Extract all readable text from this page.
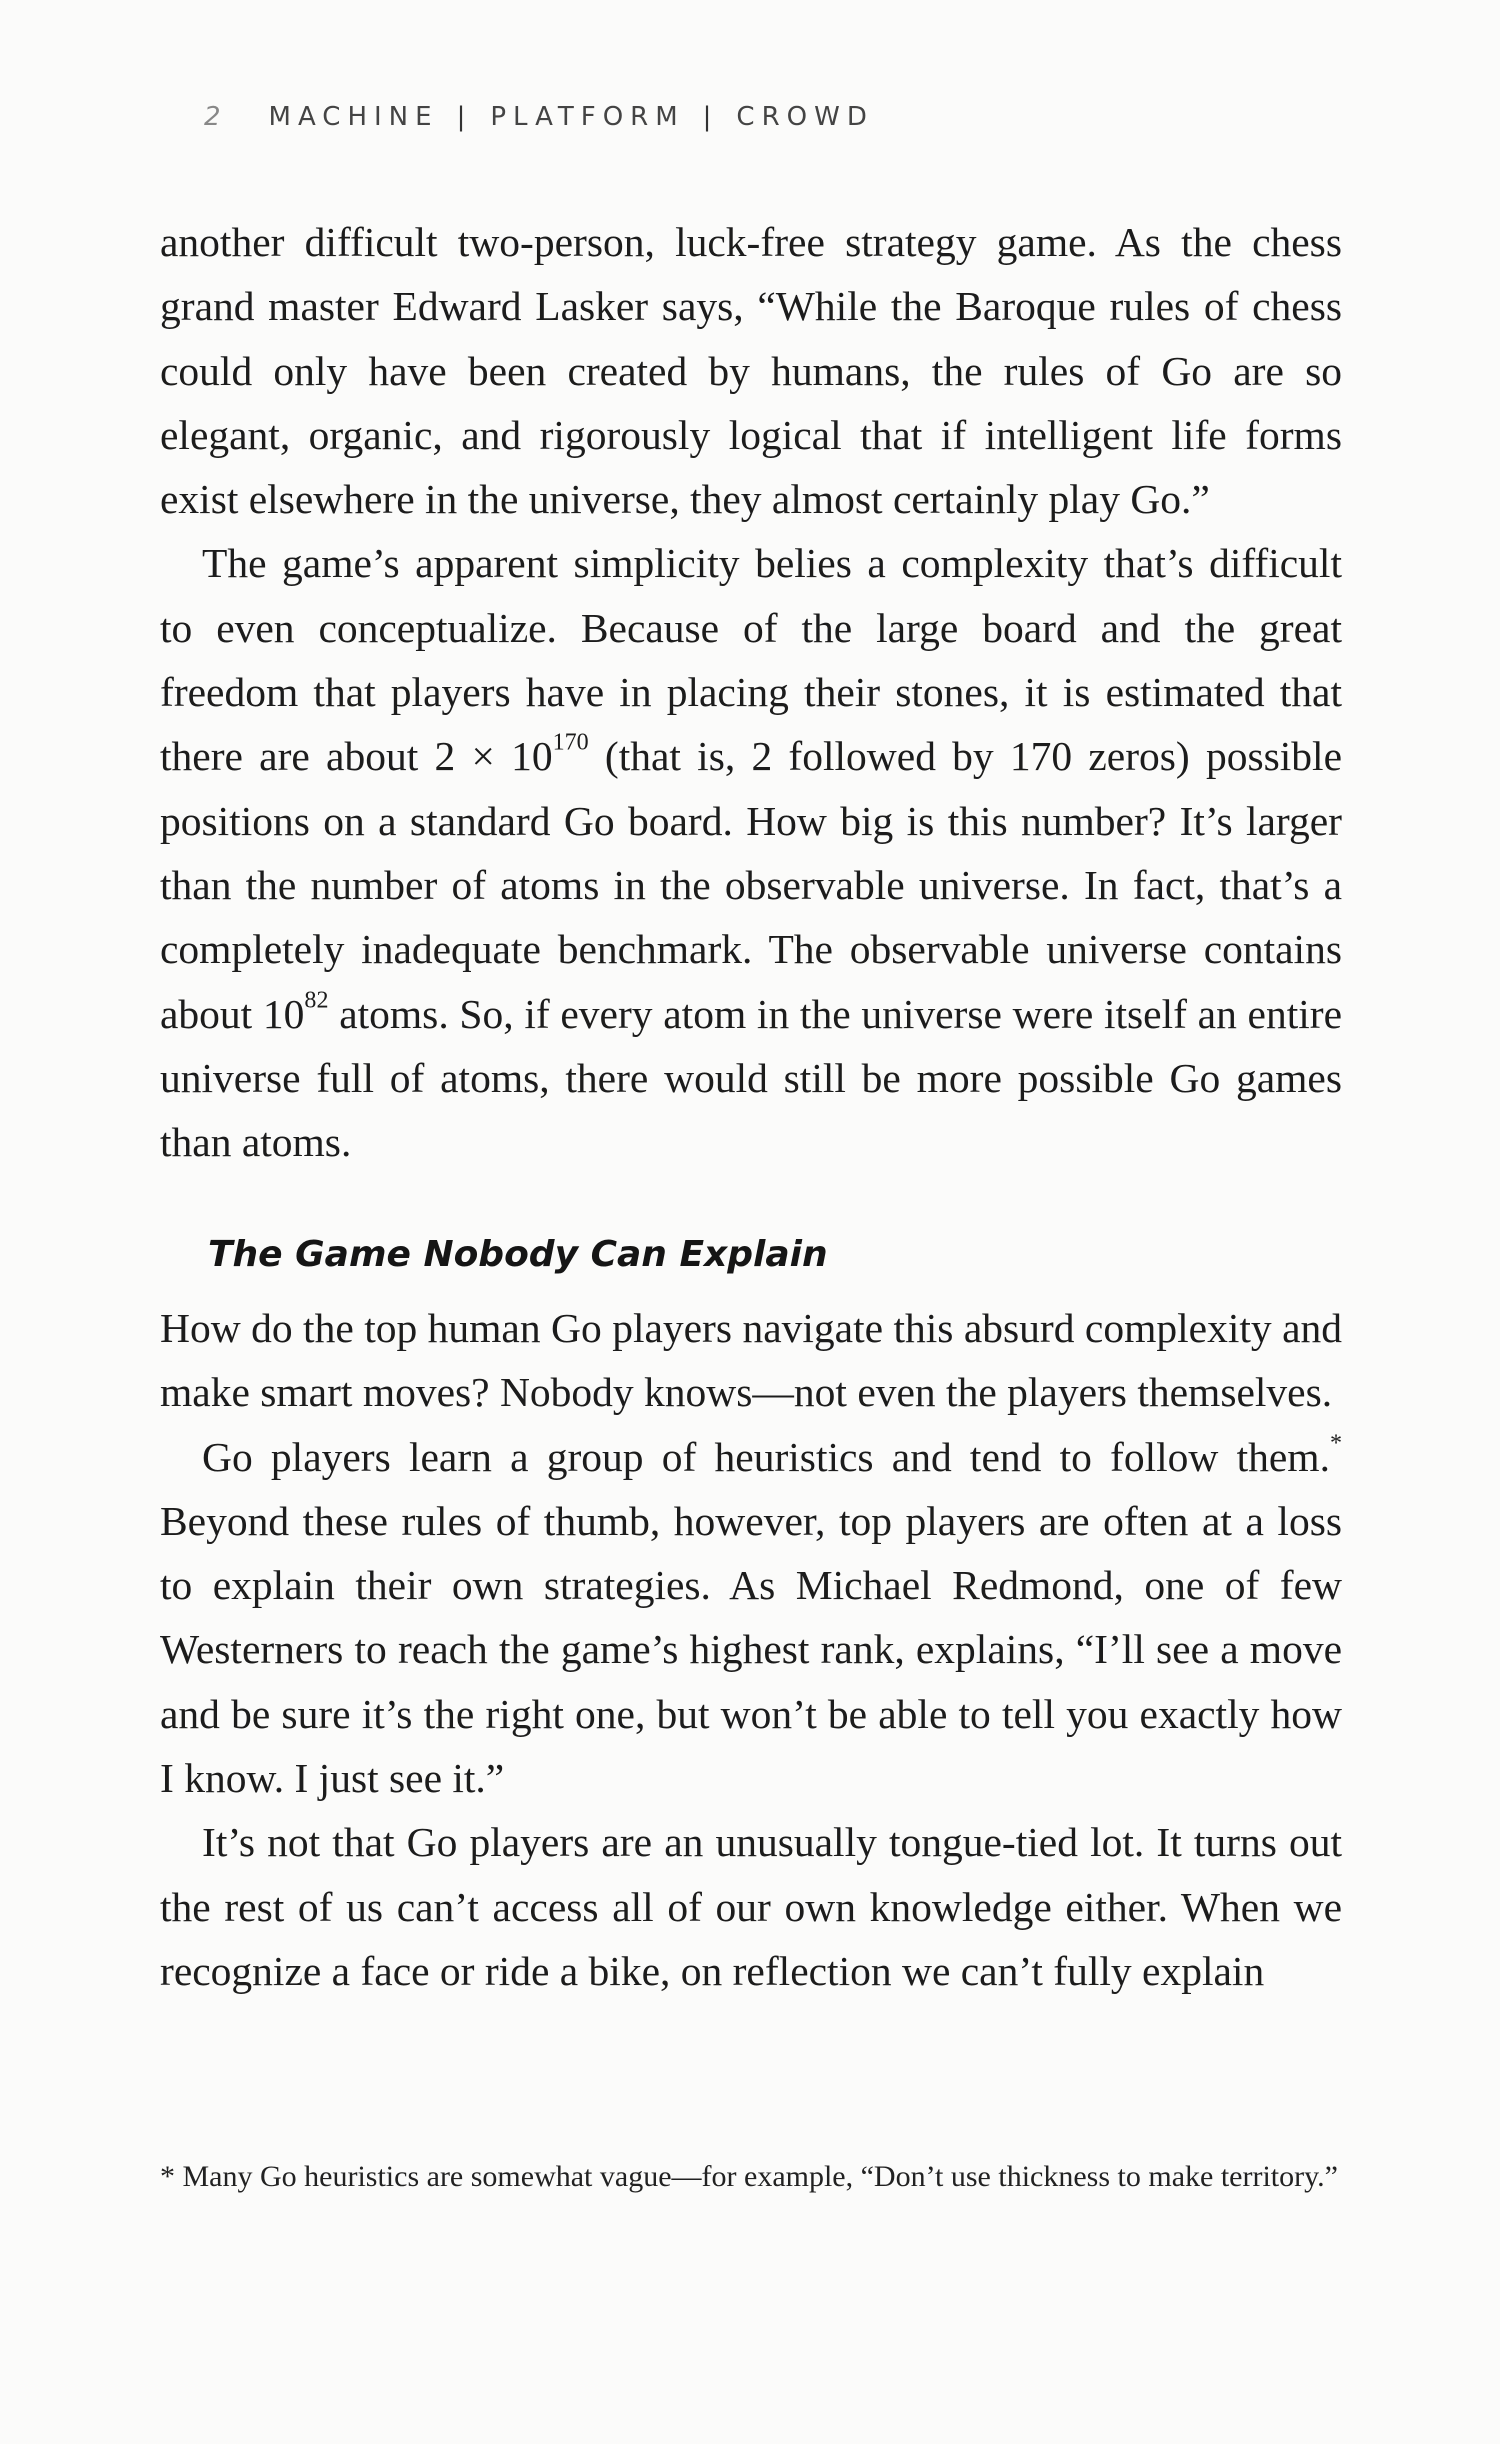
2 MACHINE | PLATFORM | CROWD

another difficult two-person, luck-free strategy game. As the chess grand master Edward Lasker says, “While the Baroque rules of chess could only have been created by humans, the rules of Go are so elegant, organic, and rigorously logical that if intelligent life forms exist elsewhere in the universe, they almost certainly play Go.”

The game’s apparent simplicity belies a complexity that’s difficult to even conceptualize. Because of the large board and the great freedom that players have in placing their stones, it is estimated that there are about $2 \times 10^{170}$ (that is, 2 followed by 170 zeros) possible positions on a standard Go board. How big is this number? It’s larger than the number of atoms in the observable universe. In fact, that’s a completely inadequate benchmark. The observable universe contains about $10^{82}$ atoms. So, if every atom in the universe were itself an entire universe full of atoms, there would still be more possible Go games than atoms.

The Game Nobody Can Explain

How do the top human Go players navigate this absurd complexity and make smart moves? Nobody knows—not even the players themselves.

Go players learn a group of heuristics and tend to follow them.* Beyond these rules of thumb, however, top players are often at a loss to explain their own strategies. As Michael Redmond, one of few Westerners to reach the game’s highest rank, explains, “I’ll see a move and be sure it’s the right one, but won’t be able to tell you exactly how I know. I just see it.”

It’s not that Go players are an unusually tongue-tied lot. It turns out the rest of us can’t access all of our own knowledge either. When we recognize a face or ride a bike, on reflection we can’t fully explain

* Many Go heuristics are somewhat vague—for example, “Don’t use thickness to make territory.”
